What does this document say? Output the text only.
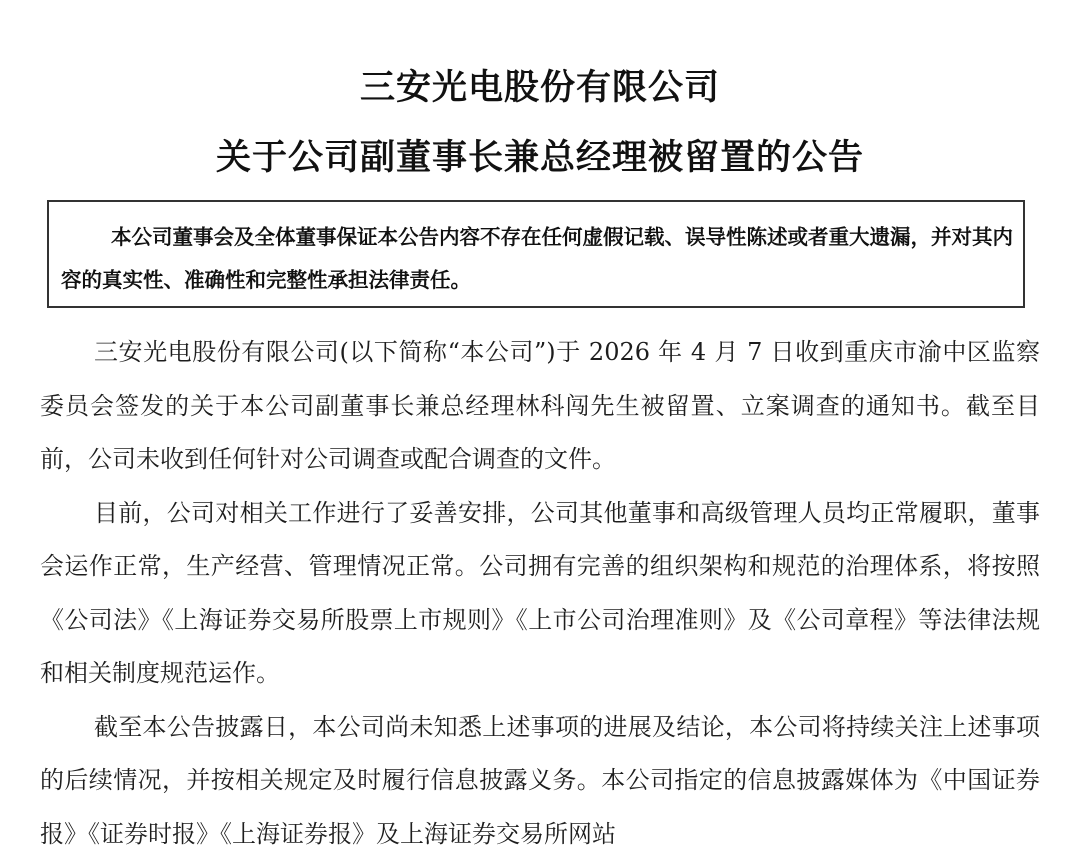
三安光电股份有限公司
关于公司副董事长兼总经理被留置的公告

本公司董事会及全体董事保证本公告内容不存在任何虚假记载、误导性陈述或者重大遗漏，并对其内容的真实性、准确性和完整性承担法律责任。

三安光电股份有限公司(以下简称“本公司”)于 2026 年 4 月 7 日收到重庆市渝中区监察委员会签发的关于本公司副董事长兼总经理林科闯先生被留置、立案调查的通知书。截至目前，公司未收到任何针对公司调查或配合调查的文件。

目前，公司对相关工作进行了妥善安排，公司其他董事和高级管理人员均正常履职，董事会运作正常，生产经营、管理情况正常。公司拥有完善的组织架构和规范的治理体系，将按照《公司法》《上海证券交易所股票上市规则》《上市公司治理准则》及《公司章程》等法律法规和相关制度规范运作。

截至本公告披露日，本公司尚未知悉上述事项的进展及结论，本公司将持续关注上述事项的后续情况，并按相关规定及时履行信息披露义务。本公司指定的信息披露媒体为《中国证券报》《证券时报》《上海证券报》及上海证券交易所网站
